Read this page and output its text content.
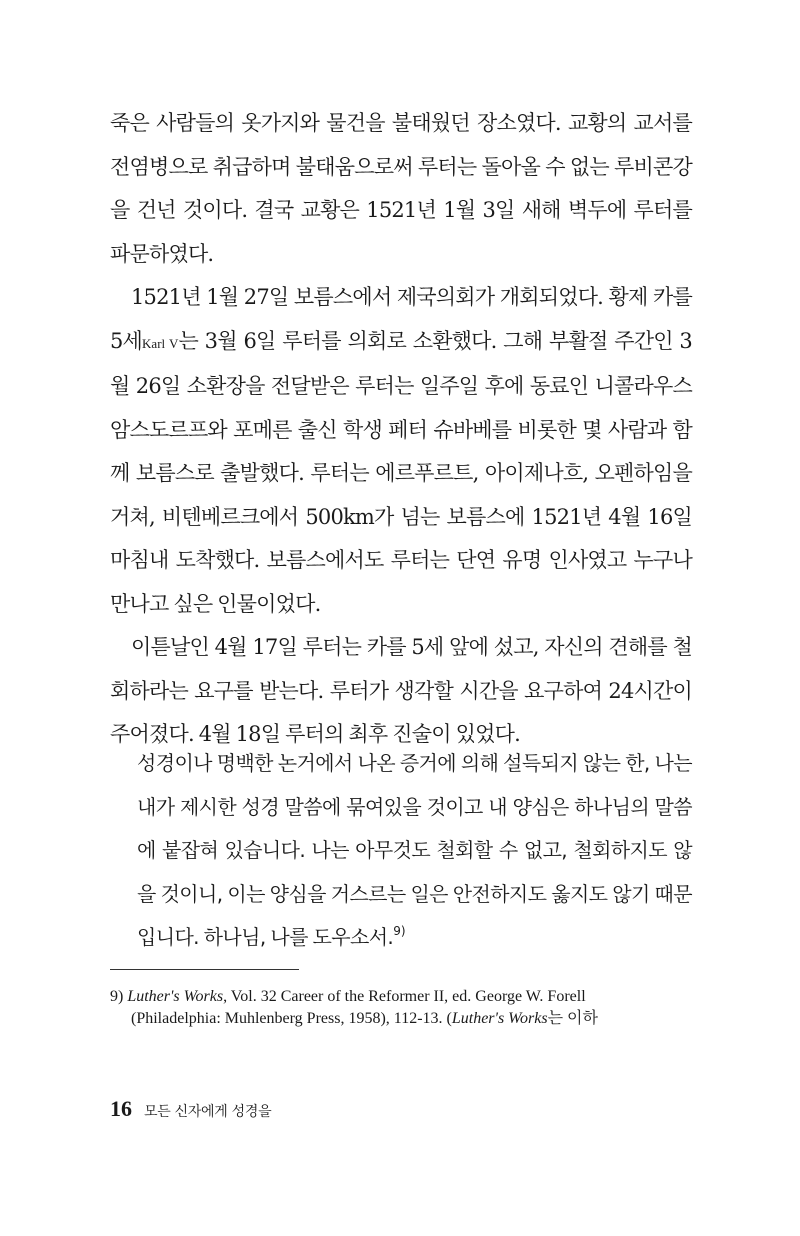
죽은 사람들의 옷가지와 물건을 불태웠던 장소였다. 교황의 교서를 전염병으로 취급하며 불태움으로써 루터는 돌아올 수 없는 루비콘강을 건넌 것이다. 결국 교황은 1521년 1월 3일 새해 벽두에 루터를 파문하였다.

1521년 1월 27일 보름스에서 제국의회가 개회되었다. 황제 카를 5세Karl V는 3월 6일 루터를 의회로 소환했다. 그해 부활절 주간인 3월 26일 소환장을 전달받은 루터는 일주일 후에 동료인 니콜라우스 암스도르프와 포메른 출신 학생 페터 슈바베를 비롯한 몇 사람과 함께 보름스로 출발했다. 루터는 에르푸르트, 아이제나흐, 오펜하임을 거쳐, 비텐베르크에서 500km가 넘는 보름스에 1521년 4월 16일 마침내 도착했다. 보름스에서도 루터는 단연 유명 인사였고 누구나 만나고 싶은 인물이었다.

이튿날인 4월 17일 루터는 카를 5세 앞에 섰고, 자신의 견해를 철회하라는 요구를 받는다. 루터가 생각할 시간을 요구하여 24시간이 주어졌다. 4월 18일 루터의 최후 진술이 있었다.

성경이나 명백한 논거에서 나온 증거에 의해 설득되지 않는 한, 나는 내가 제시한 성경 말씀에 묶여있을 것이고 내 양심은 하나님의 말씀에 붙잡혀 있습니다. 나는 아무것도 철회할 수 없고, 철회하지도 않을 것이니, 이는 양심을 거스르는 일은 안전하지도 옳지도 않기 때문입니다. 하나님, 나를 도우소서.$^{9)}$
9) Luther's Works, Vol. 32 Career of the Reformer II, ed. George W. Forell
(Philadelphia: Muhlenberg Press, 1958), 112-13. (Luther's Works는 이하
16 모든 신자에게 성경을
